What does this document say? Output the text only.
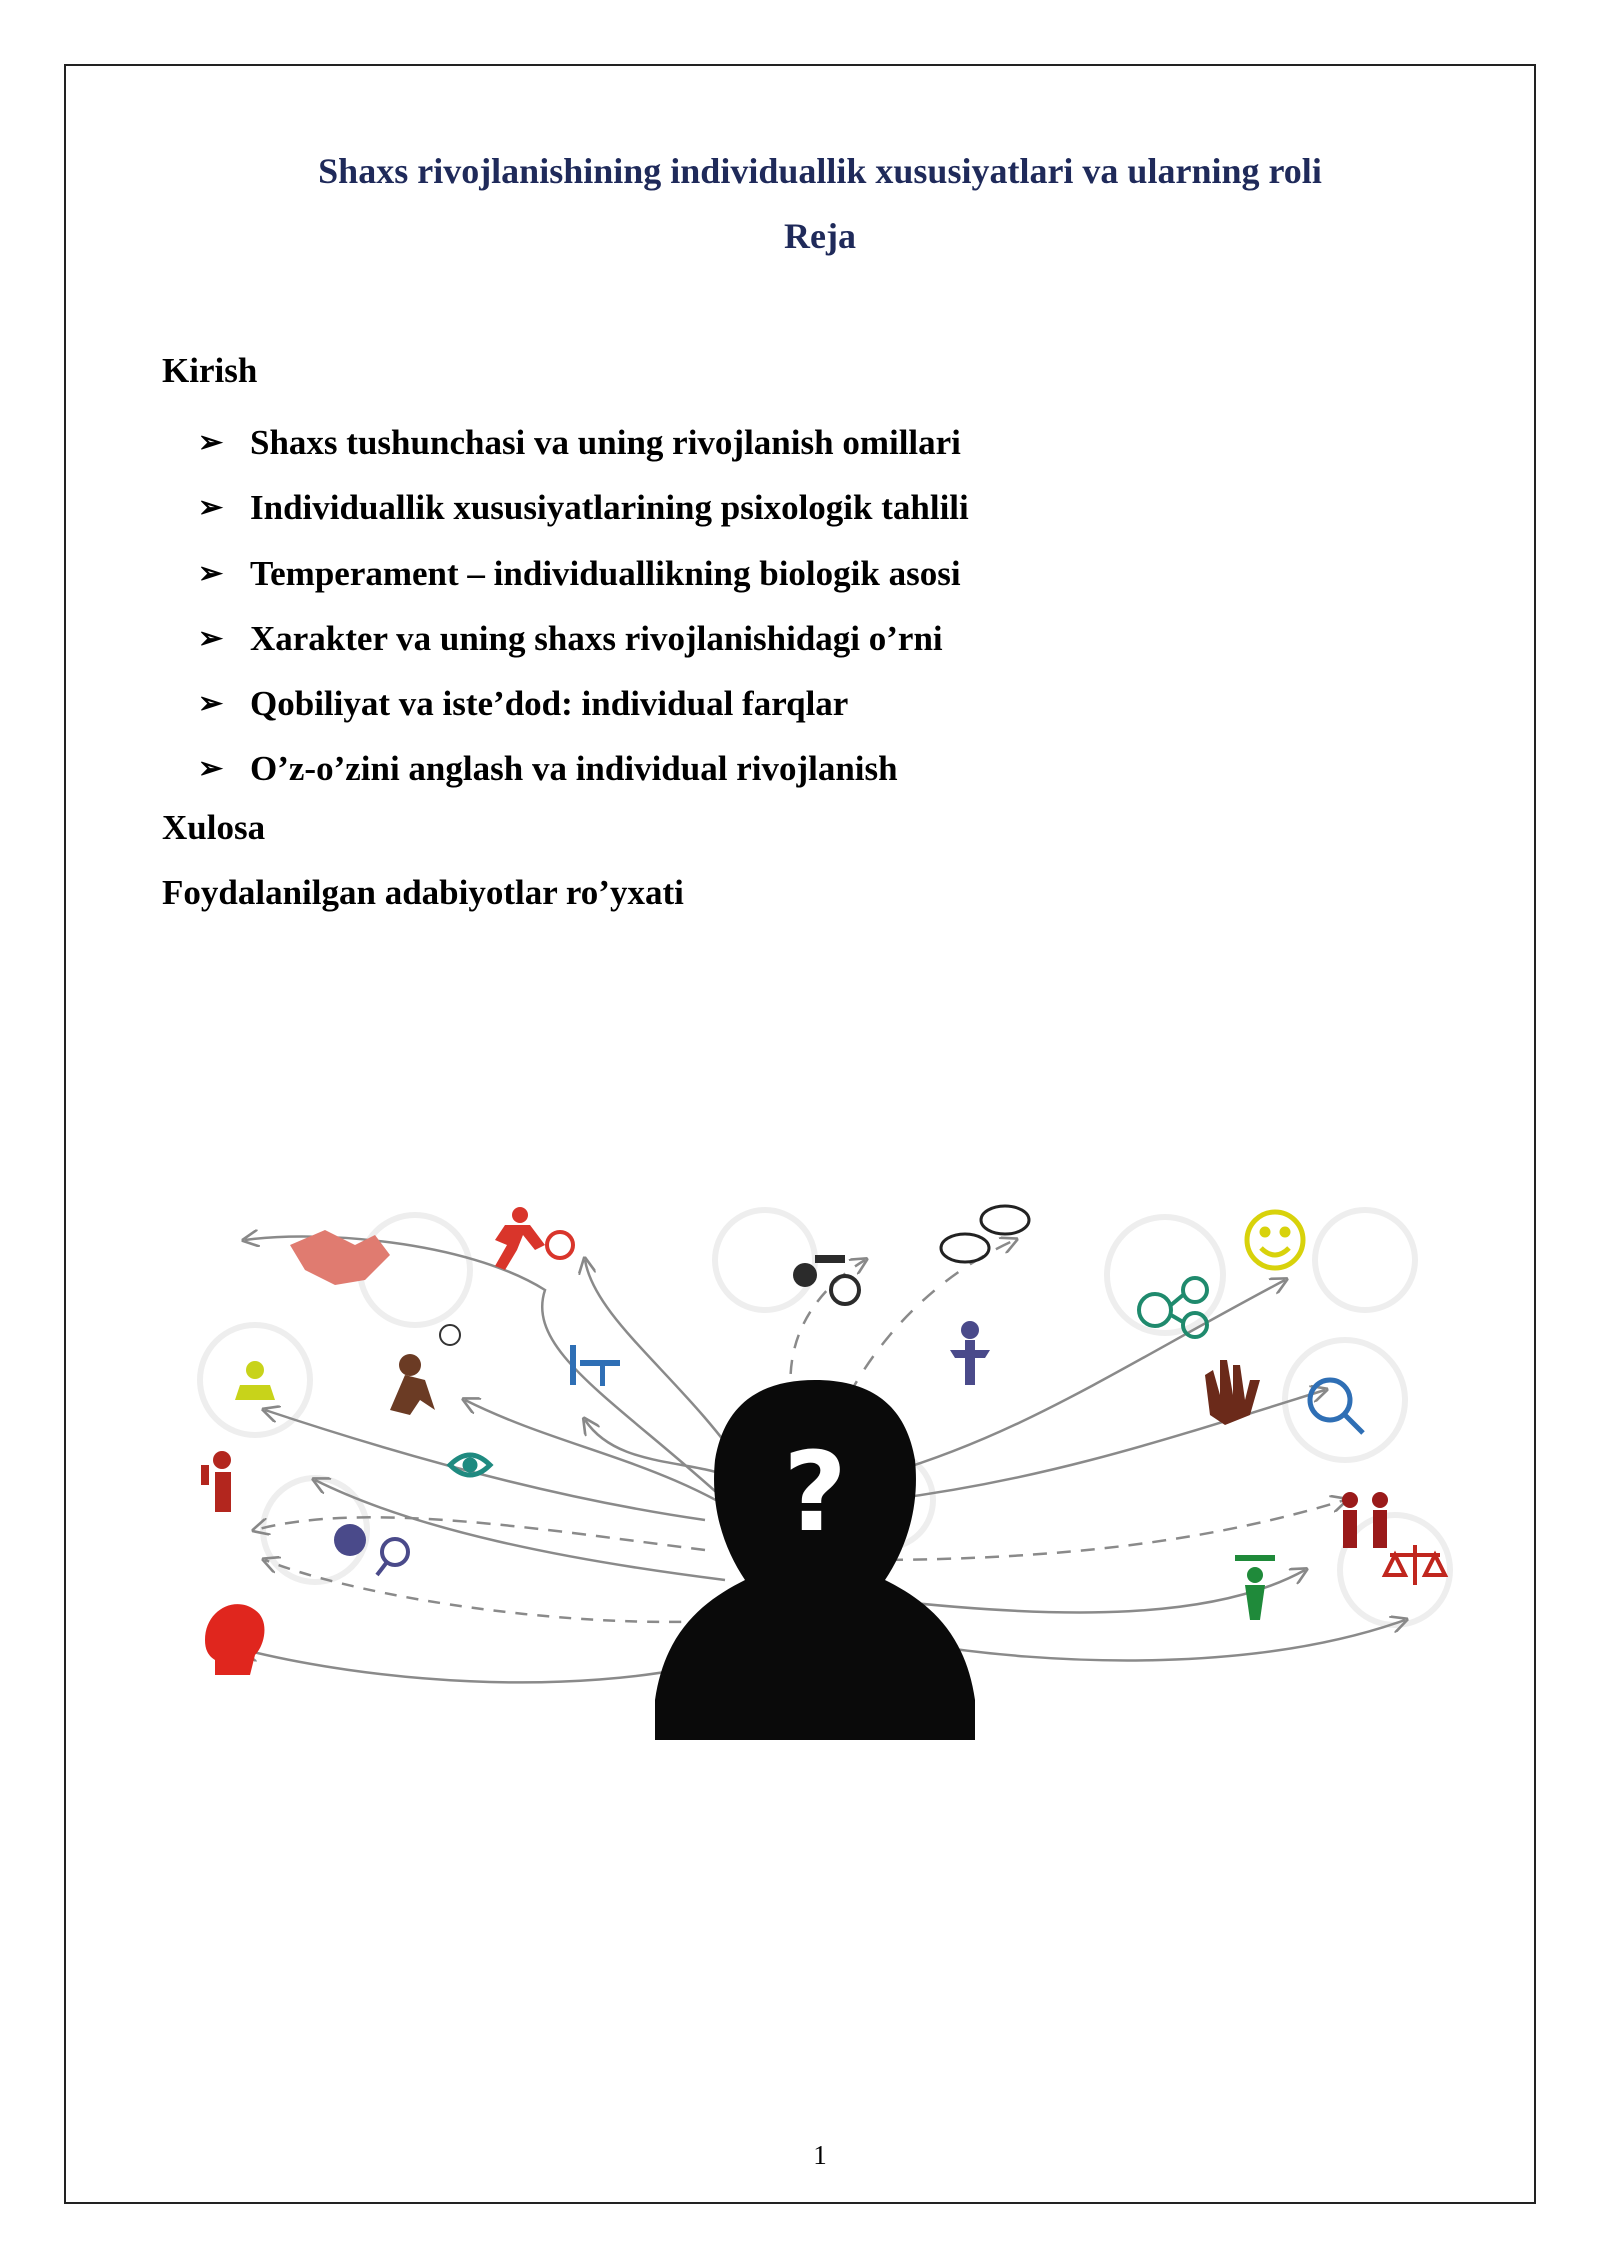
Shaxs rivojlanishining individuallik xususiyatlari va ularning roli
Reja
Kirish
➢ Shaxs tushunchasi va uning rivojlanish omillari
➢ Individuallik xususiyatlarining psixologik tahlili
➢ Temperament – individuallikning biologik asosi
➢ Xarakter va uning shaxs rivojlanishidagi o’rni
➢ Qobiliyat va iste’dod: individual farqlar
➢ O’z-o’zini anglash va individual rivojlanish
Xulosa
Foydalanilgan adabiyotlar ro’yxati
?
1
